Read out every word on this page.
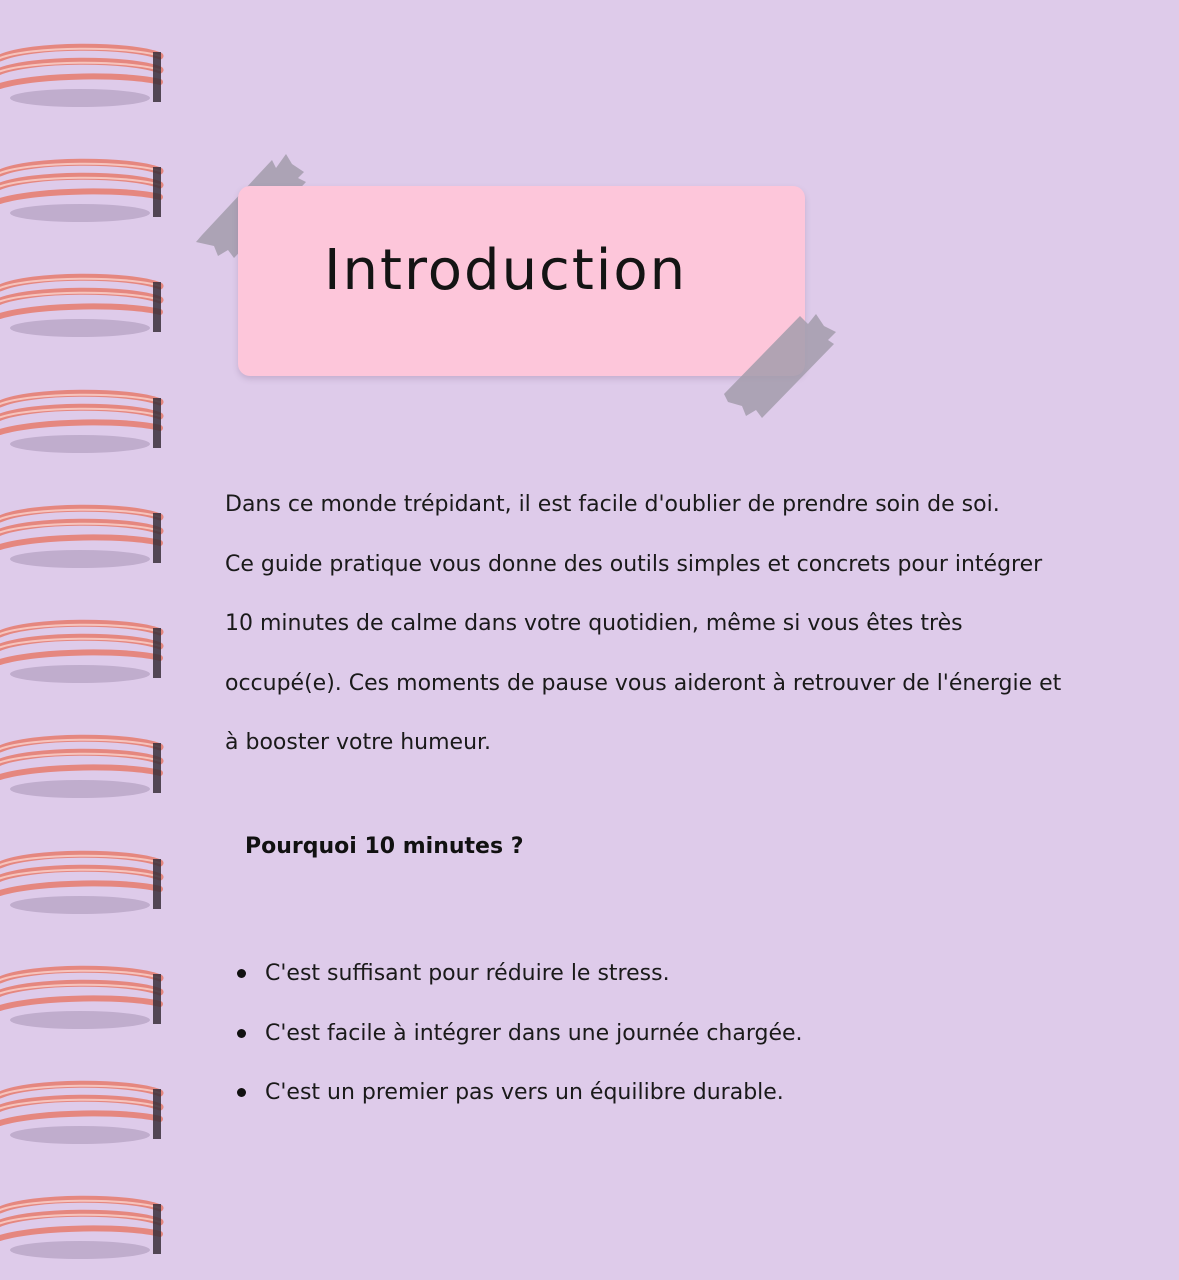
Introduction

Dans ce monde trépidant, il est facile d'oublier de prendre soin de soi.

Ce guide pratique vous donne des outils simples et concrets pour intégrer

10 minutes de calme dans votre quotidien, même si vous êtes très

occupé(e). Ces moments de pause vous aideront à retrouver de l'énergie et

à booster votre humeur.

Pourquoi 10 minutes ?
C'est suffisant pour réduire le stress.
C'est facile à intégrer dans une journée chargée.
C'est un premier pas vers un équilibre durable.
